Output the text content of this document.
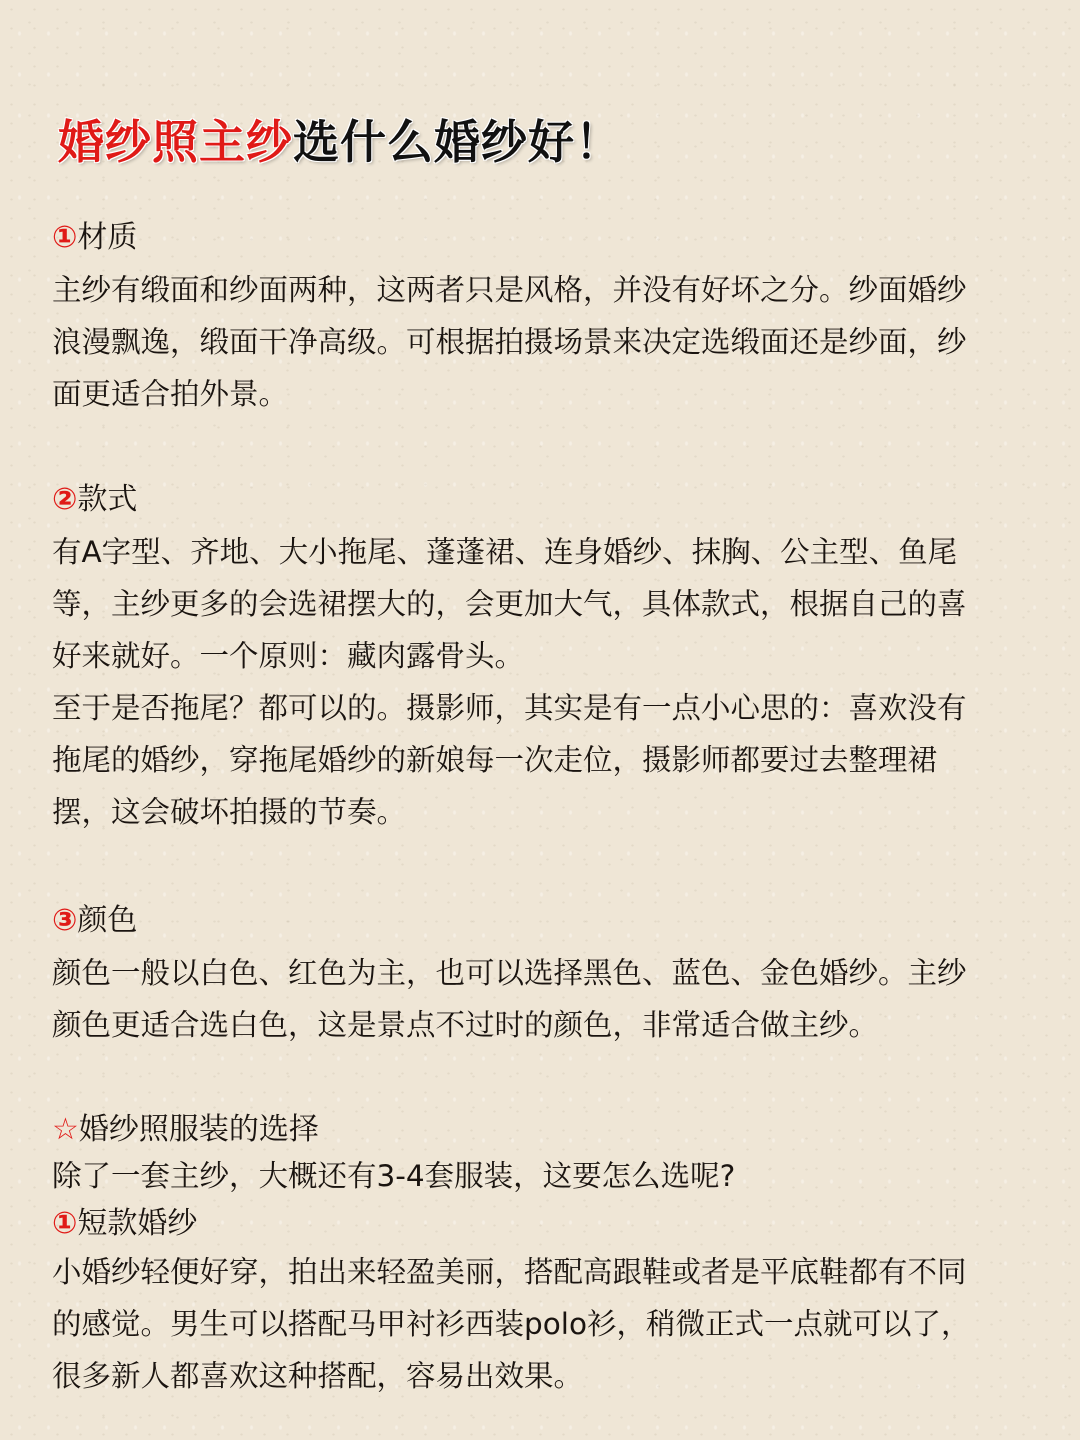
婚纱照主纱选什么婚纱好！
①材质
主纱有缎面和纱面两种，这两者只是风格，并没有好坏之分。纱面婚纱浪漫飘逸，缎面干净高级。可根据拍摄场景来决定选缎面还是纱面，纱面更适合拍外景。
②款式
有A字型、齐地、大小拖尾、蓬蓬裙、连身婚纱、抹胸、公主型、鱼尾等，主纱更多的会选裙摆大的，会更加大气，具体款式，根据自己的喜好来就好。一个原则：藏肉露骨头。
至于是否拖尾？都可以的。摄影师，其实是有一点小心思的：喜欢没有拖尾的婚纱，穿拖尾婚纱的新娘每一次走位，摄影师都要过去整理裙摆，这会破坏拍摄的节奏。
③颜色
颜色一般以白色、红色为主，也可以选择黑色、蓝色、金色婚纱。主纱颜色更适合选白色，这是景点不过时的颜色，非常适合做主纱。
☆婚纱照服装的选择
除了一套主纱，大概还有3-4套服装，这要怎么选呢?
①短款婚纱
小婚纱轻便好穿，拍出来轻盈美丽，搭配高跟鞋或者是平底鞋都有不同的感觉。男生可以搭配马甲衬衫西装polo衫，稍微正式一点就可以了，很多新人都喜欢这种搭配，容易出效果。
